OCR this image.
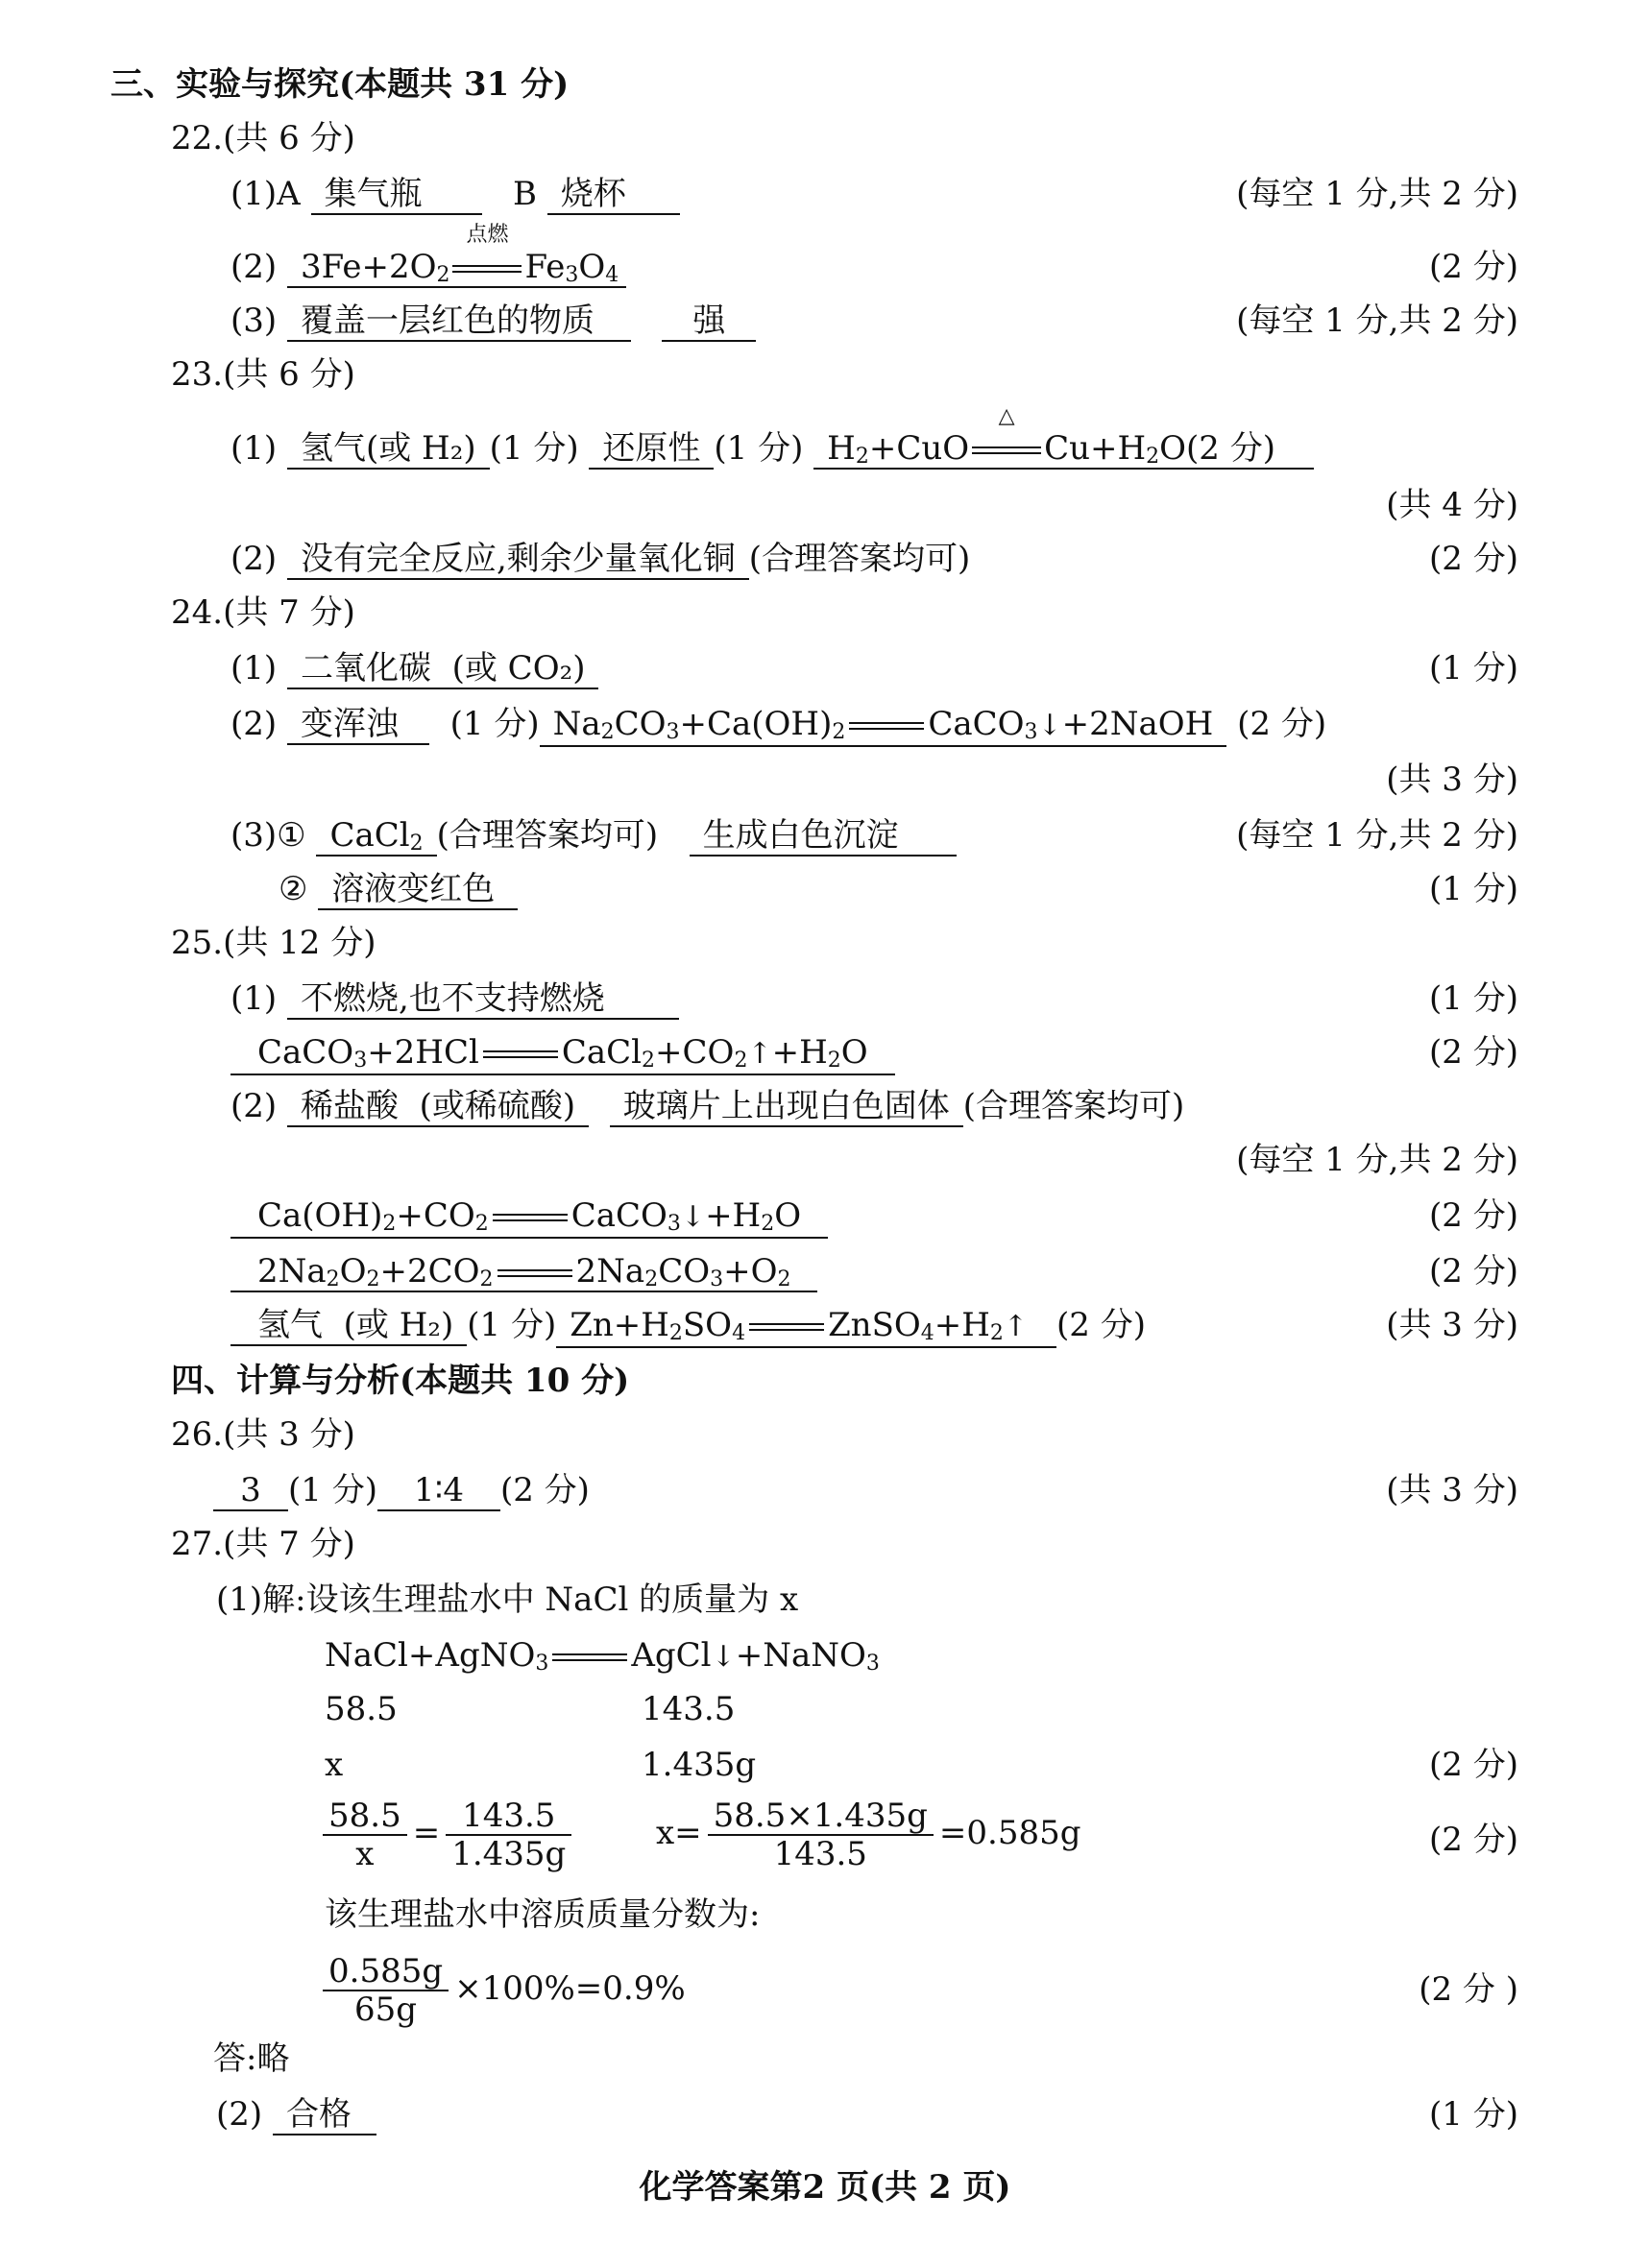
三、实验与探究(本题共 31 分)
22.(共 6 分)
(1)A 集气瓶	B 烧杯	(每空 1 分,共 2 分)
(2) $3Fe+2O_2$
点燃
$Fe_3O_4$	(2 分)
(3) 覆盖一层红色的物质	强	(每空 1 分,共 2 分)
23.(共 6 分)
(1) 氢气(或 H₂) (1 分) 还原性 (1 分) $H_2+CuO$
△
$Cu+H_2O(2$ 分)
(共 4 分)
(2) 没有完全反应,剩余少量氧化铜 (合理答案均可)	(2 分)
24.(共 7 分)
(1) 二氧化碳 (或 CO₂)	(1 分)
(2) 变浑浊 (1 分) $Na_2CO_3+Ca(OH)_2$	CaCO$_3$↓+2NaOH (2 分)
(共 3 分)
(3)① CaCl$_2$ (合理答案均可) 生成白色沉淀	(每空 1 分,共 2 分)
② 溶液变红色	(1 分)
25.(共 12 分)
(1) 不燃烧,也不支持燃烧	(1 分)
CaCO$_3$+2HCl	$CaCl_2+CO_2↑+H_2O$	(2 分)
(2) 稀盐酸 (或稀硫酸) 玻璃片上出现白色固体 (合理答案均可)
(每空 1 分,共 2 分)
$Ca(OH)_2+CO_2$	$CaCO_3↓+H_2O$	(2 分)
$2Na_2O_2+2CO_2$	$2Na_2CO_3+O_2$	(2 分)
氢气 (或 H₂) (1 分) $Zn+H_2SO_4$	$ZnSO_4+H_2↑$ (2 分)	(共 3 分)
四、计算与分析(本题共 10 分)
26.(共 3 分)
3 (1 分) 1∶4 (2 分)	(共 3 分)
27.(共 7 分)
(1)解:设该生理盐水中 NaCl 的质量为 x
NaCl+AgNO$_3$	AgCl↓+NaNO$_3$
58.5	143.5
x	1.435g	(2 分)
$\frac{58.5}{x} = \frac{143.5}{1.435g}$	$x= \frac{58.5\times 1.435g}{143.5} =0.585g$	(2 分)
该生理盐水中溶质质量分数为:
$\frac{0.585g}{65g} \times 100\%=0.9\%$	(2 分 )
答:略
(2) 合格	(1 分)
化学答案第2 页(共 2 页)
